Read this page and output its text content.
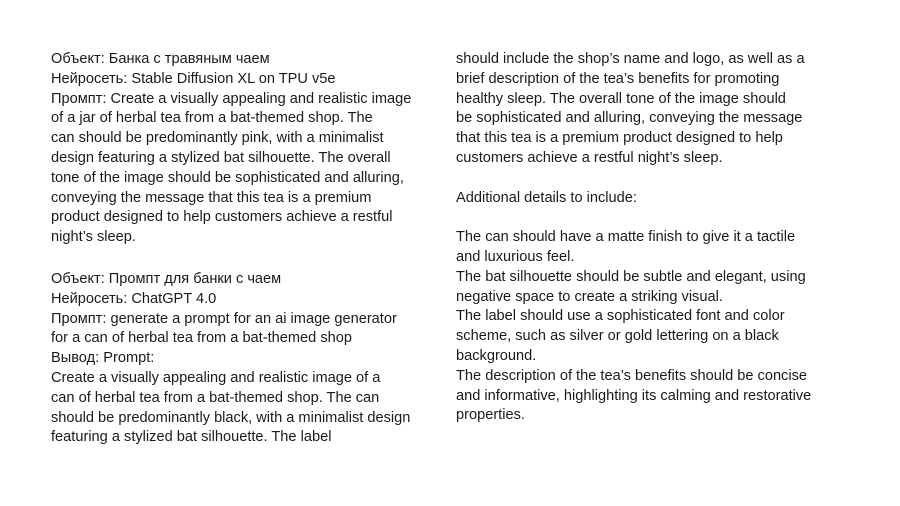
Объект: Банка с травяным чаем
Нейросеть: Stable Diffusion XL on TPU v5e
Промпт: Create a visually appealing and realistic image
of a jar of herbal tea from a bat-themed shop. The
can should be predominantly pink, with a minimalist
design featuring a stylized bat silhouette. The overall
tone of the image should be sophisticated and alluring,
conveying the message that this tea is a premium
product designed to help customers achieve a restful
night’s sleep.
Объект: Промпт для банки с чаем
Нейросеть: ChatGPT 4.0
Промпт: generate a prompt for an ai image generator
for a can of herbal tea from a bat-themed shop
Вывод: Prompt:
Create a visually appealing and realistic image of a
can of herbal tea from a bat-themed shop. The can
should be predominantly black, with a minimalist design
featuring a stylized bat silhouette. The label
should include the shop’s name and logo, as well as a
brief description of the tea’s benefits for promoting
healthy sleep. The overall tone of the image should
be sophisticated and alluring, conveying the message
that this tea is a premium product designed to help
customers achieve a restful night’s sleep.
Additional details to include:
The can should have a matte finish to give it a tactile
and luxurious feel.
The bat silhouette should be subtle and elegant, using
negative space to create a striking visual.
The label should use a sophisticated font and color
scheme, such as silver or gold lettering on a black
background.
The description of the tea’s benefits should be concise
and informative, highlighting its calming and restorative
properties.
